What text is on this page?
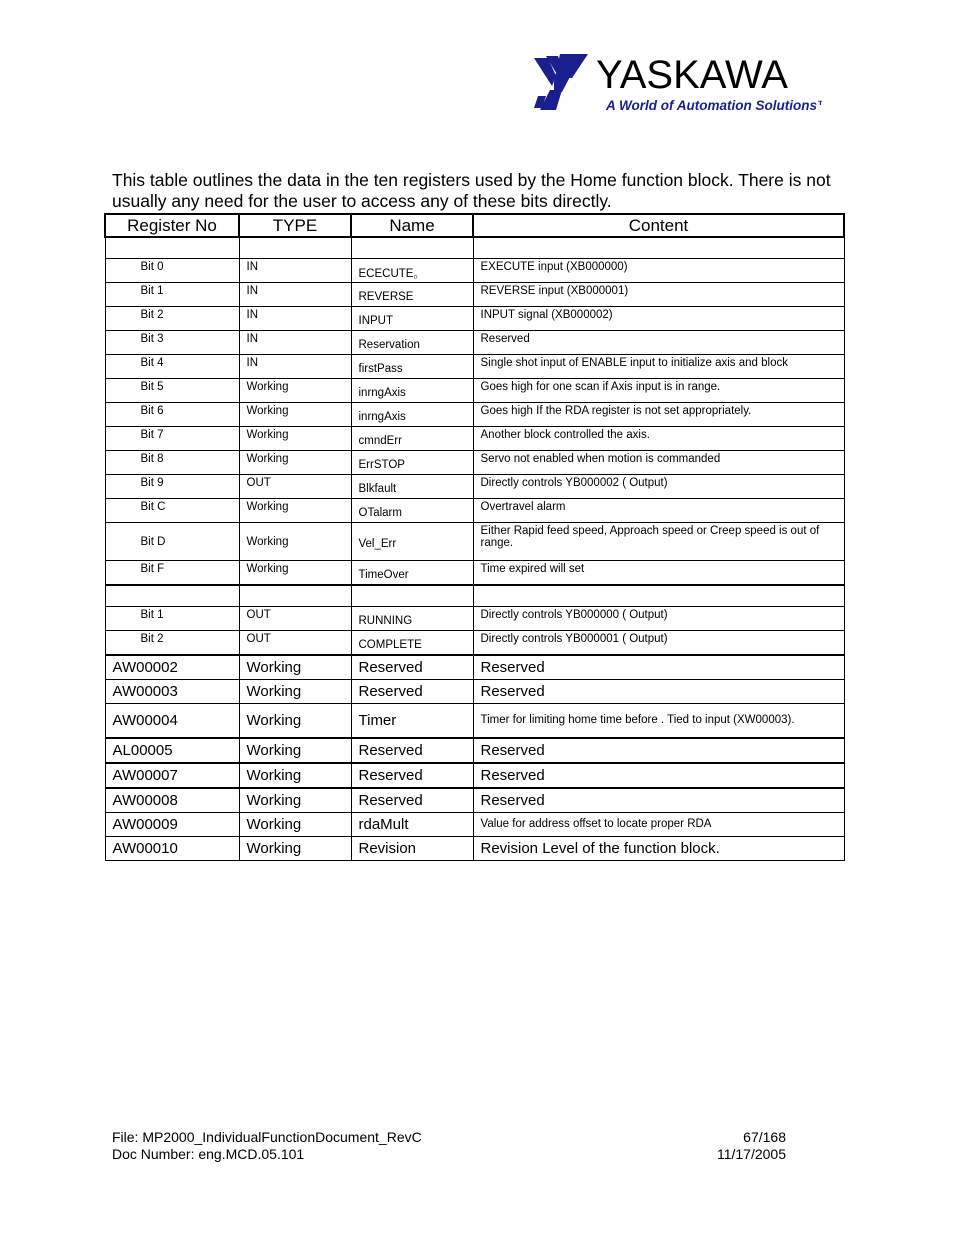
YASKAWA
A World of Automation Solutions™
This table outlines the data in the ten registers used by the Home function block. There is not usually any need for the user to access any of these bits directly.
Register No	TYPE	Name	Content

Bit 0	IN	ECECUTE。	EXECUTE input (XB000000)
Bit 1	IN	REVERSE	REVERSE input (XB000001)
Bit 2	IN	INPUT	INPUT signal (XB000002)
Bit 3	IN	Reservation	Reserved
Bit 4	IN	firstPass	Single shot input of ENABLE input to initialize axis and block
Bit 5	Working	inrngAxis	Goes high for one scan if Axis input is in range.
Bit 6	Working	inrngAxis	Goes high If the RDA register is not set appropriately.
Bit 7	Working	cmndErr	Another block controlled the axis.
Bit 8	Working	ErrSTOP	Servo not enabled when motion is commanded
Bit 9	OUT	Blkfault	Directly controls YB000002 ( Output)
Bit C	Working	OTalarm	Overtravel alarm
Bit D	Working	Vel_Err	Either Rapid feed speed, Approach speed or Creep speed is out of range.
Bit F	Working	TimeOver	Time expired will set

Bit 1	OUT	RUNNING	Directly controls YB000000 ( Output)
Bit 2	OUT	COMPLETE	Directly controls YB000001 ( Output)
AW00002	Working	Reserved	Reserved
AW00003	Working	Reserved	Reserved
AW00004	Working	Timer	Timer for limiting home time before . Tied to input (XW00003).
AL00005	Working	Reserved	Reserved
AW00007	Working	Reserved	Reserved
AW00008	Working	Reserved	Reserved
AW00009	Working	rdaMult	Value for address offset to locate proper RDA
AW00010	Working	Revision	Revision Level of the function block.
File: MP2000_IndividualFunctionDocument_RevC	67/168
Doc Number: eng.MCD.05.101	11/17/2005
